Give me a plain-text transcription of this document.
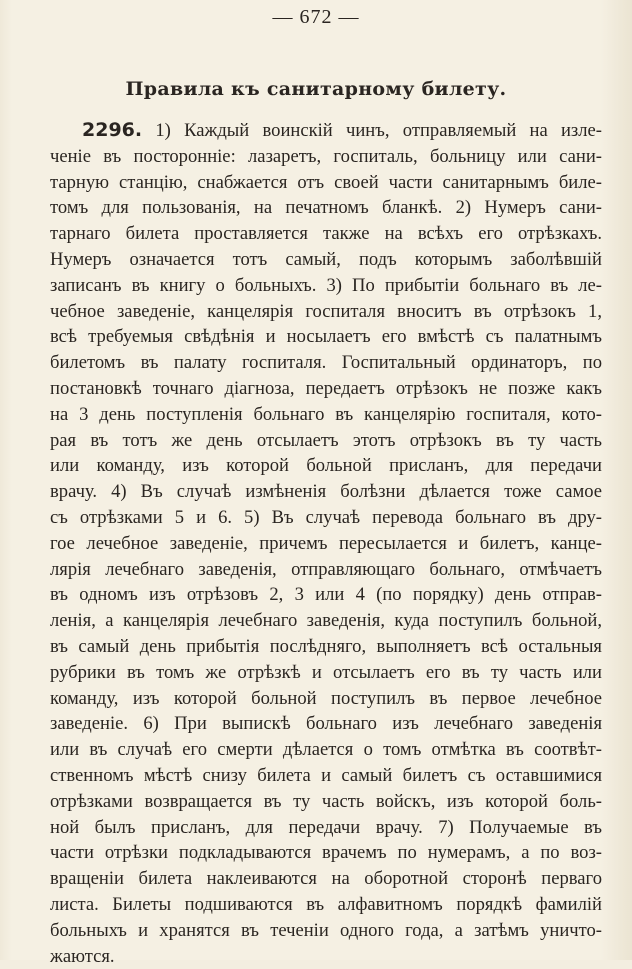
— 672 —
Правила къ санитарному билету.
2296. 1) Каждый воинскій чинъ, отправляемый на изле-
ченіе въ посторонніе: лазаретъ, госпиталь, больницу или сани-
тарную станцію, снабжается отъ своей части санитарнымъ биле-
томъ для пользованія, на печатномъ бланкѣ. 2) Нумеръ сани-
тарнаго билета проставляется также на всѣхъ его отрѣзкахъ.
Нумеръ означается тотъ самый, подъ которымъ заболѣвшій
записанъ въ книгу о больныхъ. 3) По прибытіи больнаго въ ле-
чебное заведеніе, канцелярія госпиталя вноситъ въ отрѣзокъ 1,
всѣ требуемыя свѣдѣнія и носылаетъ его вмѣстѣ съ палатнымъ
билетомъ въ палату госпиталя. Госпитальный ординаторъ, по
постановкѣ точнаго діагноза, передаетъ отрѣзокъ не позже какъ
на 3 день поступленія больнаго въ канцелярію госпиталя, кото-
рая въ тотъ же день отсылаетъ этотъ отрѣзокъ въ ту часть
или команду, изъ которой больной присланъ, для передачи
врачу. 4) Въ случаѣ измѣненія болѣзни дѣлается тоже самое
съ отрѣзками 5 и 6. 5) Въ случаѣ перевода больнаго въ дру-
гое лечебное заведеніе, причемъ пересылается и билетъ, канце-
лярія лечебнаго заведенія, отправляющаго больнаго, отмѣчаетъ
въ одномъ изъ отрѣзовъ 2, 3 или 4 (по порядку) день отправ-
ленія, а канцелярія лечебнаго заведенія, куда поступилъ больной,
въ самый день прибытія послѣдняго, выполняетъ всѣ остальныя
рубрики въ томъ же отрѣзкѣ и отсылаетъ его въ ту часть или
команду, изъ которой больной поступилъ въ первое лечебное
заведеніе. 6) При выпискѣ больнаго изъ лечебнаго заведенія
или въ случаѣ его смерти дѣлается о томъ отмѣтка въ соотвѣт-
ственномъ мѣстѣ снизу билета и самый билетъ съ оставшимися
отрѣзками возвращается въ ту часть войскъ, изъ которой боль-
ной былъ присланъ, для передачи врачу. 7) Получаемые въ
части отрѣзки подкладываются врачемъ по нумерамъ, а по воз-
вращеніи билета наклеиваются на оборотной сторонѣ перваго
листа. Билеты подшиваются въ алфавитномъ порядкѣ фамилій
больныхъ и хранятся въ теченіи одного года, а затѣмъ уничто-
жаются.
